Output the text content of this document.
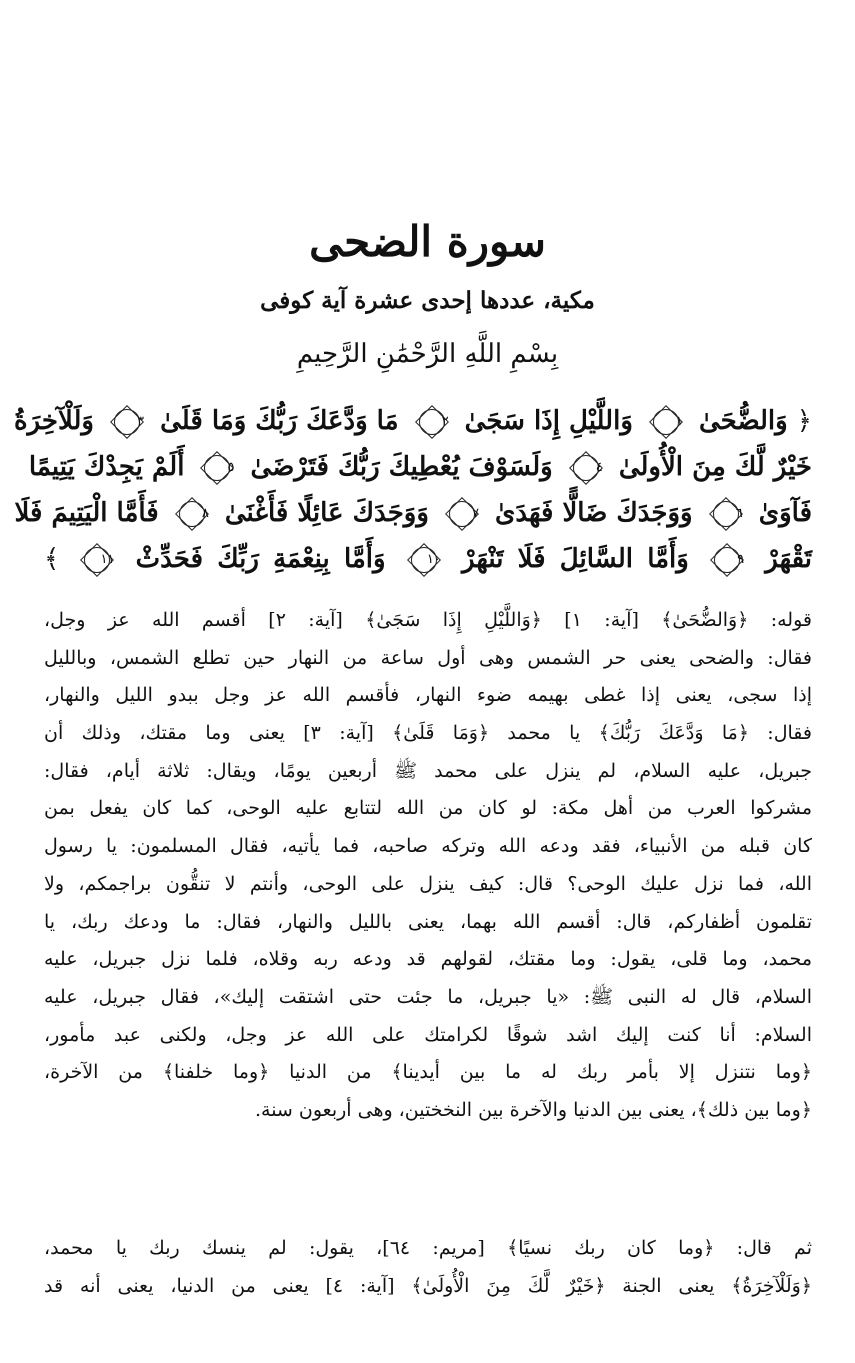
سورة الضحى
مكية، عددها إحدى عشرة آية كوفى
بِسْمِ اللَّهِ الرَّحْمَٰنِ الرَّحِيمِ
﴿ وَالضُّحَىٰ ١ وَاللَّيْلِ إِذَا سَجَىٰ ٢ مَا وَدَّعَكَ رَبُّكَ وَمَا قَلَىٰ ٣ وَلَلْآخِرَةُ
خَيْرٌ لَّكَ مِنَ الْأُولَىٰ ٤ وَلَسَوْفَ يُعْطِيكَ رَبُّكَ فَتَرْضَىٰ ٥ أَلَمْ يَجِدْكَ يَتِيمًا
فَآوَىٰ ٦ وَوَجَدَكَ ضَالًّا فَهَدَىٰ ٧ وَوَجَدَكَ عَائِلًا فَأَغْنَىٰ ٨ فَأَمَّا الْيَتِيمَ فَلَا
تَقْهَرْ ٩ وَأَمَّا السَّائِلَ فَلَا تَنْهَرْ ١٠ وَأَمَّا بِنِعْمَةِ رَبِّكَ فَحَدِّثْ ١١ ﴾
قوله: ﴿وَالضُّحَىٰ﴾ [آية: ١] ﴿وَاللَّيْلِ إِذَا سَجَىٰ﴾ [آية: ٢] أقسم الله عز وجل،
فقال: والضحى يعنى حر الشمس وهى أول ساعة من النهار حين تطلع الشمس، وبالليل
إذا سجى، يعنى إذا غطى بهيمه ضوء النهار، فأقسم الله عز وجل ببدو الليل والنهار،
فقال: ﴿مَا وَدَّعَكَ رَبُّكَ﴾ يا محمد ﴿وَمَا قَلَىٰ﴾ [آية: ٣] يعنى وما مقتك، وذلك أن
جبريل، عليه السلام، لم ينزل على محمد ﷺ أربعين يومًا، ويقال: ثلاثة أيام، فقال:
مشركوا العرب من أهل مكة: لو كان من الله لتتابع عليه الوحى، كما كان يفعل بمن
كان قبله من الأنبياء، فقد ودعه الله وتركه صاحبه، فما يأتيه، فقال المسلمون: يا رسول
الله، فما نزل عليك الوحى؟ قال: كيف ينزل على الوحى، وأنتم لا تنقُّون براجمكم، ولا
تقلمون أظفاركم، قال: أقسم الله بهما، يعنى بالليل والنهار، فقال: ما ودعك ربك، يا
محمد، وما قلى، يقول: وما مقتك، لقولهم قد ودعه ربه وقلاه، فلما نزل جبريل، عليه
السلام، قال له النبى ﷺ: «يا جبريل، ما جئت حتى اشتقت إليك»، فقال جبريل، عليه
السلام: أنا كنت إليك اشد شوقًا لكرامتك على الله عز وجل، ولكنى عبد مأمور،
﴿وما نتنزل إلا بأمر ربك له ما بين أيدينا﴾ من الدنيا ﴿وما خلفنا﴾ من الآخرة،
﴿وما بين ذلك﴾، يعنى بين الدنيا والآخرة بين النخختين، وهى أربعون سنة.
ثم قال: ﴿وما كان ربك نسيًا﴾ [مريم: ٦٤]، يقول: لم ينسك ربك يا محمد،
﴿وَلَلْآخِرَةُ﴾ يعنى الجنة ﴿خَيْرٌ لَّكَ مِنَ الْأُولَىٰ﴾ [آية: ٤] يعنى من الدنيا، يعنى أنه قد
